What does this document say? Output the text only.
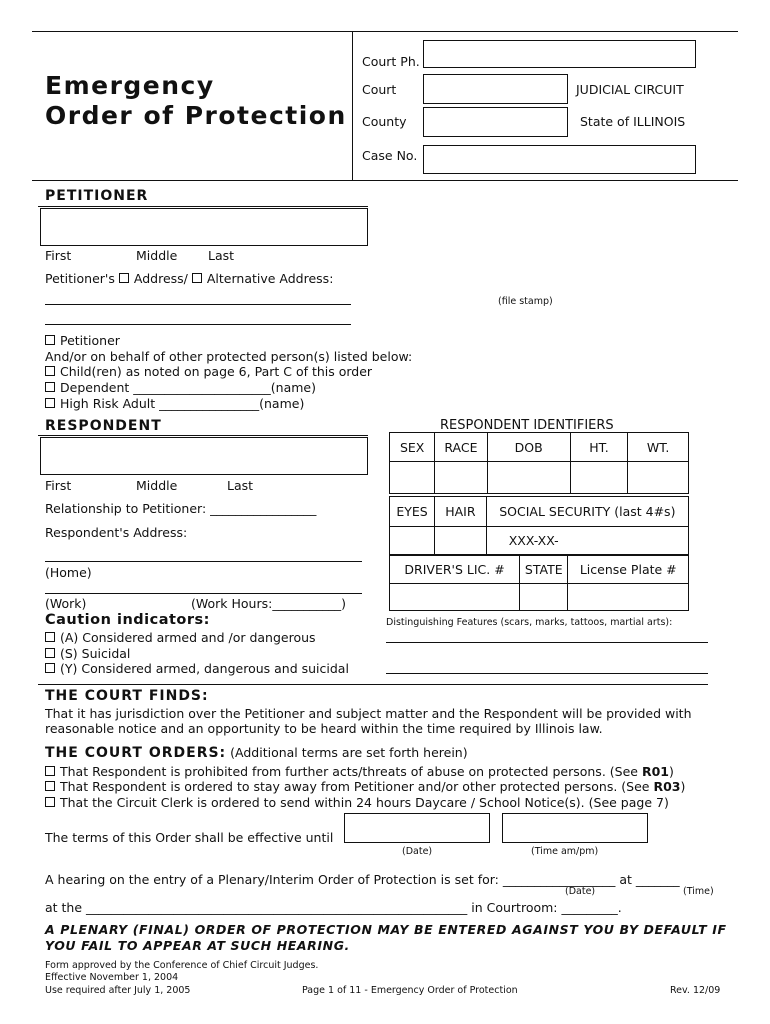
Emergency
Order of Protection
Court Ph.
Court	JUDICIAL CIRCUIT
County	State of ILLINOIS
Case No.
PETITIONER
First	Middle Last
Petitioner's Address/ Alternative Address:
(file stamp)
Petitioner
And/or on behalf of other protected person(s) listed below:
Child(ren) as noted on page 6, Part C of this order
Dependent ______________________(name)
High Risk Adult ________________(name)
RESPONDENT
First	Middle	Last
Relationship to Petitioner: _________________
Respondent's Address:
(Home)
(Work)	(Work Hours:___________)
RESPONDENT IDENTIFIERS
SEX	RACE	DOB	HT.	WT.

EYES	HAIR	SOCIAL SECURITY (last 4#s)
		XXX-XX-
DRIVER'S LIC. #	STATE	License Plate #

Distinguishing Features (scars, marks, tattoos, martial arts):
Caution indicators:
(A) Considered armed and /or dangerous
(S) Suicidal
(Y) Considered armed, dangerous and suicidal
THE COURT FINDS:
That it has jurisdiction over the Petitioner and subject matter and the Respondent will be provided with
reasonable notice and an opportunity to be heard within the time required by Illinois law.
THE COURT ORDERS: (Additional terms are set forth herein)
That Respondent is prohibited from further acts/threats of abuse on protected persons. (See R01)
That Respondent is ordered to stay away from Petitioner and/or other protected persons. (See R03)
That the Circuit Clerk is ordered to send within 24 hours Daycare / School Notice(s). (See page 7)
The terms of this Order shall be effective until
(Date)	(Time am/pm)
A hearing on the entry of a Plenary/Interim Order of Protection is set for: __________________ at _______
(Date)	(Time)
at the _____________________________________________________________ in Courtroom: _________.
A PLENARY (FINAL) ORDER OF PROTECTION MAY BE ENTERED AGAINST YOU BY DEFAULT IF
YOU FAIL TO APPEAR AT SUCH HEARING.
Form approved by the Conference of Chief Circuit Judges.
Effective November 1, 2004
Use required after July 1, 2005	Page 1 of 11 - Emergency Order of Protection	Rev. 12/09
